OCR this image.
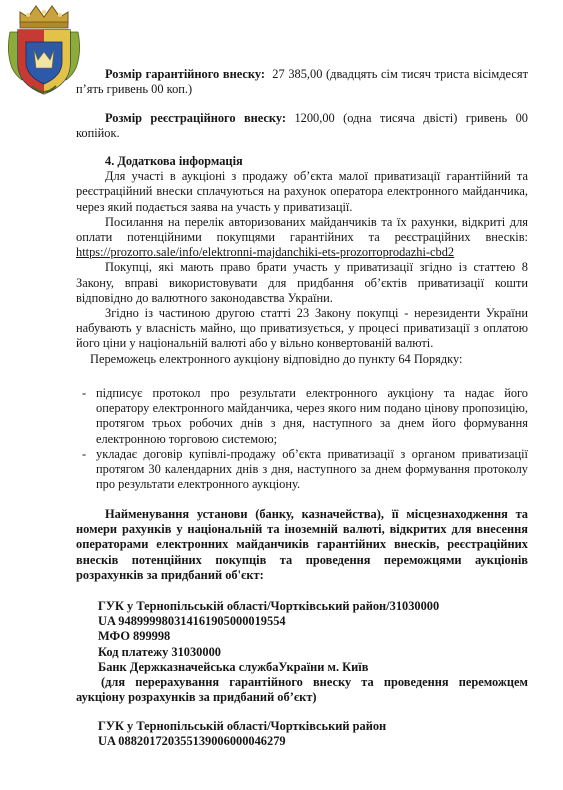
Розмір гарантійного внеску: 27 385,00 (двадцять сім тисяч триста вісімдесят п’ять гривень 00 коп.)

Розмір реєстраційного внеску: 1200,00 (одна тисяча двісті) гривень 00 копійок.

4. Додаткова інформація

Для участі в аукціоні з продажу об’єкта малої приватизації гарантійний та реєстраційний внески сплачуються на рахунок оператора електронного майданчика, через який подається заява на участь у приватизації.

Посилання на перелік авторизованих майданчиків та їх рахунки, відкриті для оплати потенційними покупцями гарантійних та реєстраційних внесків: https://prozorro.sale/info/elektronni-majdanchiki-ets-prozorroprodazhi-cbd2

Покупці, які мають право брати участь у приватизації згідно із статтею 8 Закону, вправі використовувати для придбання об’єктів приватизації кошти відповідно до валютного законодавства України.

Згідно із частиною другою статті 23 Закону покупці - нерезиденти України набувають у власність майно, що приватизується, у процесі приватизації з оплатою його ціни у національній валюті або у вільно конвертованій валюті.

Переможець електронного аукціону відповідно до пункту 64 Порядку:

- підписує протокол про результати електронного аукціону та надає його оператору електронного майданчика, через якого ним подано цінову пропозицію, протягом трьох робочих днів з дня, наступного за днем його формування електронною торговою системою;
- укладає договір купівлі-продажу об’єкта приватизації з органом приватизації протягом 30 календарних днів з дня, наступного за днем формування протоколу про результати електронного аукціону.

Найменування установи (банку, казначейства), її місцезнаходження та номери рахунків у національній та іноземній валюті, відкритих для внесення операторами електронних майданчиків гарантійних внесків, реєстраційних внесків потенційних покупців та проведення переможцями аукціонів розрахунків за придбаний об'єкт:

ГУК у Тернопільській області/Чортківський район/31030000
UA 948999980314161905000019554
МФО 899998
Код платежу 31030000
Банк Держказначейська службаУкраїни м. Київ

(для перерахування гарантійного внеску та проведення переможцем аукціону розрахунків за придбаний об’єкт)

ГУК у Тернопільській області/Чортківський район
UA 088201720355139006000046279
